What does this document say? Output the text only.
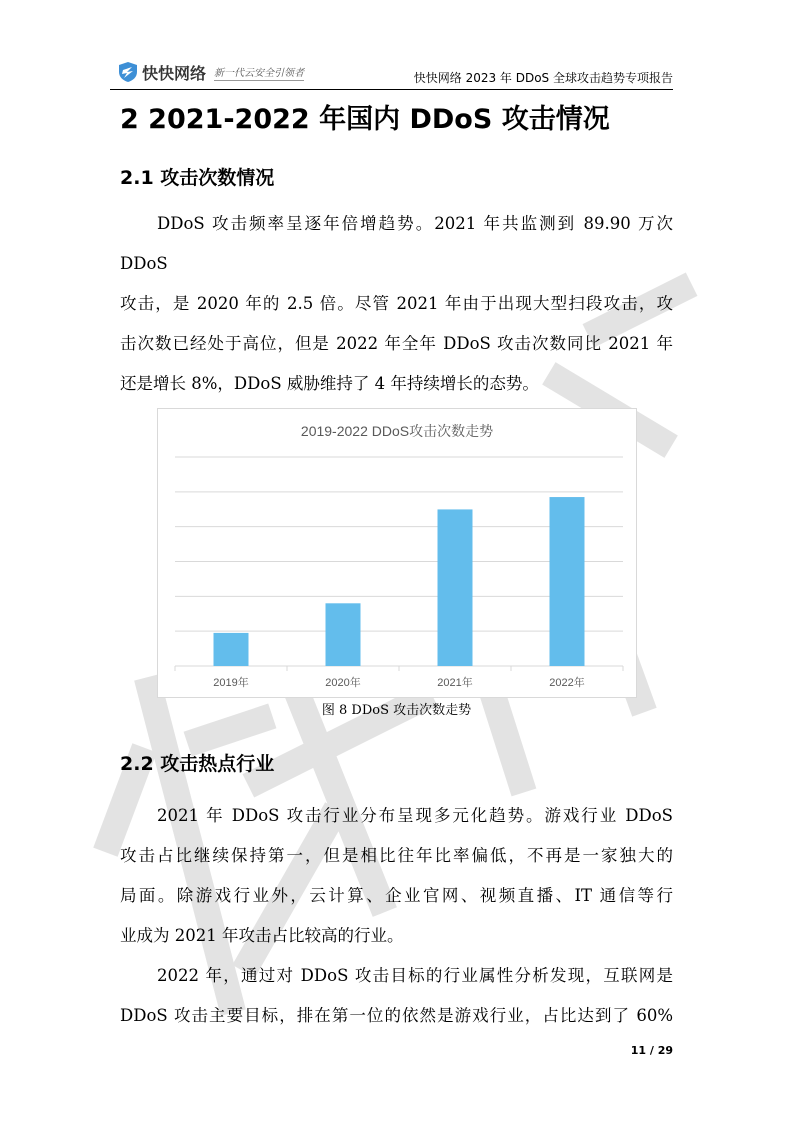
快快网络 新一代云安全引领者	快快网络 2023 年 DDoS 全球攻击趋势专项报告
2 2021-2022 年国内 DDoS 攻击情况
2.1 攻击次数情况
DDoS 攻击频率呈逐年倍增趋势。2021 年共监测到 89.90 万次 DDoS
攻击，是 2020 年的 2.5 倍。尽管 2021 年由于出现大型扫段攻击，攻
击次数已经处于高位，但是 2022 年全年 DDoS 攻击次数同比 2021 年
还是增长 8%，DDoS 威胁维持了 4 年持续增长的态势。
2019-2022 DDoS攻击次数走势
2019年	2020年	2021年	2022年
图 8 DDoS 攻击次数走势
2.2 攻击热点行业
2021 年 DDoS 攻击行业分布呈现多元化趋势。游戏行业 DDoS
攻击占比继续保持第一，但是相比往年比率偏低，不再是一家独大的
局面。除游戏行业外，云计算、企业官网、视频直播、IT 通信等行
业成为 2021 年攻击占比较高的行业。
2022 年，通过对 DDoS 攻击目标的行业属性分析发现，互联网是
DDoS 攻击主要目标，排在第一位的依然是游戏行业，占比达到了 60%
11 / 29
